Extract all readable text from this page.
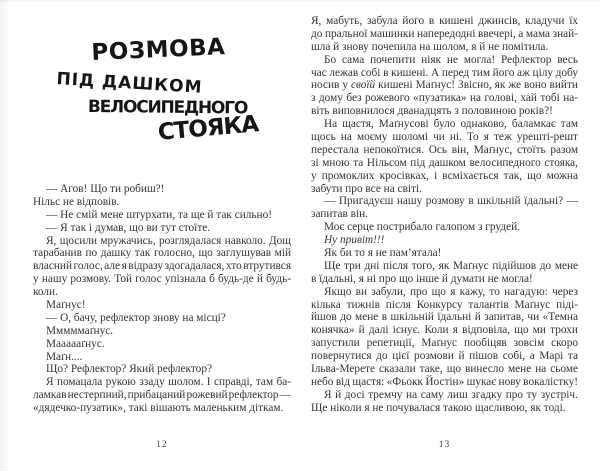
РОЗМОВА
ПІД ДАШКОМ
ВЕЛОСИПЕДНОГО
СТОЯКА
— Агов! Що ти робиш?!
Нільс не відповів.
— Не смій мене штурхати, та ще й так сильно!
— Я так і думав, що ви тут стоїте.
Я, щосили мружачись, розглядалася навколо. Дощ
тарабанив по дашку так голосно, що заглушував мій
власний голос, але я відразу здогадалася, хто втрутився
у нашу розмову. Той голос упізнала б будь-де й будь-
коли.
Маґнус!
— О, бачу, рефлектор знову на місці?
Мммммаґнус.
Маааааґнус.
Маґн....
Що? Рефлектор? Який рефлектор?
Я помацала рукою ззаду шолом. І справді, там ба-
ламкав нестерпний, прибацаний рожевий рефлектор —
«дядечко-пузатик», такі вішають маленьким діткам.
12
Я, мабуть, забула його в кишені джинсів, кладучи їх
до пральної машинки напередодні ввечері, а мама знай-
шла й знову почепила на шолом, я й не помітила.
Бо сама почепити ніяк не могла! Рефлектор весь
час лежав собі в кишені. А перед тим його аж цілу добу
носив у своїй кишені Маґнус! Звісно, як же воно вийти
з дому без рожевого «пузатика» на голові, хай тобі на-
віть виповнилося дванадцять з половиною років?!
На щастя, Маґнусові було однаково, баламкає там
щось на моєму шоломі чи ні. То я теж урешті-решт
перестала непокоїтися. Ось він, Маґнус, стоїть разом
зі мною та Нільсом під дашком велосипедного стояка,
у промоклих кросівках, і всміхається так, що можна
забути про все на світі.
— Пригадуєш нашу розмову в шкільній їдальні? —
запитав він.
Моє серце пострибало галопом з грудей.
Ну привіт!!!
Як би то я не пам’ятала!
Ще три дні після того, як Маґнус підійшов до мене
в їдальні, я ні про що інше й думати не могла!
Якщо ви забули, про що я кажу, то нагадую: через
кілька тижнів після Конкурсу талантів Маґнус піді-
йшов до мене в шкільній їдальні й запитав, чи «Темна
конячка» й далі існує. Коли я відповіла, що ми трохи
запустили репетиції, Маґнус пообіцяв зовсім скоро
повернутися до цієї розмови й пішов собі, а Марі та
Ільва-Мерете сказали таке, що винесло мене на сьоме
небо від щастя: «Фьокк Йостін» шукає нову вокалістку!
Я й досі тремчу на саму лиш згадку про ту зустріч.
Ще ніколи я не почувалася такою щасливою, як тоді.
13
